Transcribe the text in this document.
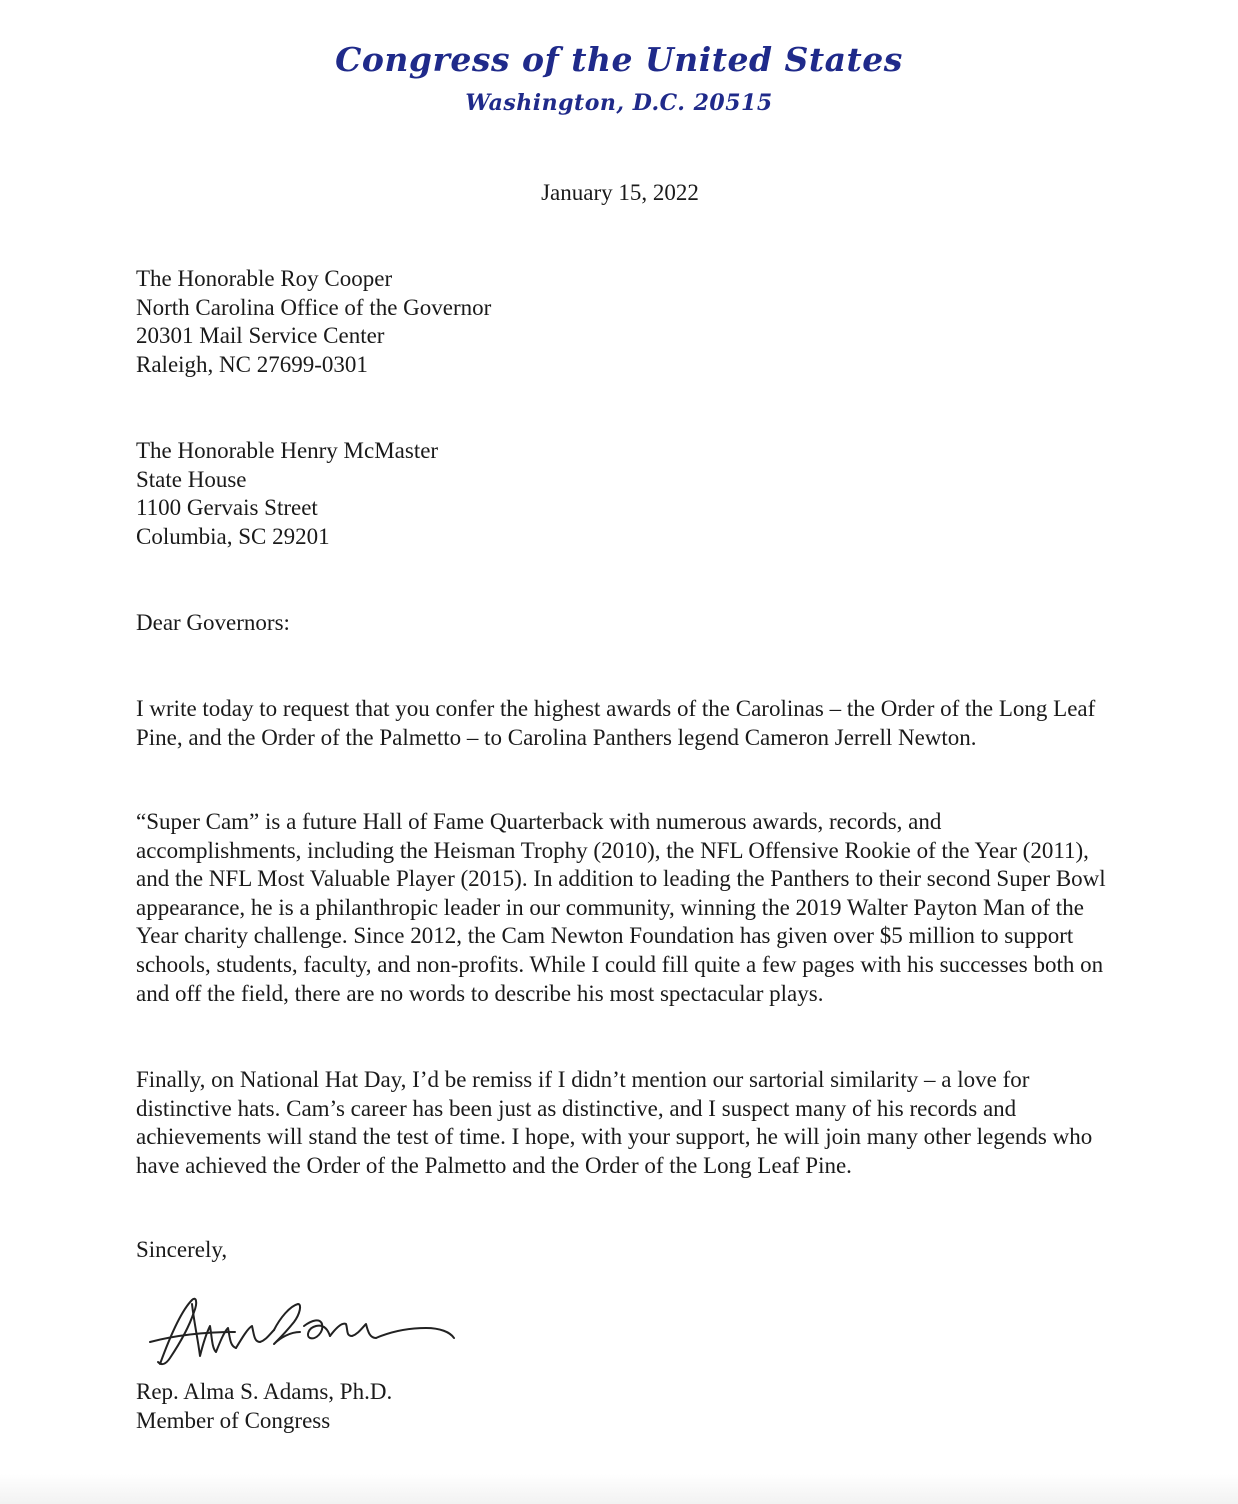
Congress of the United States
Washington, D.C. 20515
January 15, 2022
The Honorable Roy Cooper
North Carolina Office of the Governor
20301 Mail Service Center
Raleigh, NC 27699-0301
The Honorable Henry McMaster
State House
1100 Gervais Street
Columbia, SC 29201
Dear Governors:
I write today to request that you confer the highest awards of the Carolinas – the Order of the Long Leaf Pine, and the Order of the Palmetto – to Carolina Panthers legend Cameron Jerrell Newton.
“Super Cam” is a future Hall of Fame Quarterback with numerous awards, records, and accomplishments, including the Heisman Trophy (2010), the NFL Offensive Rookie of the Year (2011), and the NFL Most Valuable Player (2015). In addition to leading the Panthers to their second Super Bowl appearance, he is a philanthropic leader in our community, winning the 2019 Walter Payton Man of the Year charity challenge. Since 2012, the Cam Newton Foundation has given over $5 million to support schools, students, faculty, and non-profits. While I could fill quite a few pages with his successes both on and off the field, there are no words to describe his most spectacular plays.
Finally, on National Hat Day, I’d be remiss if I didn’t mention our sartorial similarity – a love for distinctive hats. Cam’s career has been just as distinctive, and I suspect many of his records and achievements will stand the test of time. I hope, with your support, he will join many other legends who have achieved the Order of the Palmetto and the Order of the Long Leaf Pine.
Sincerely,
Rep. Alma S. Adams, Ph.D.
Member of Congress
